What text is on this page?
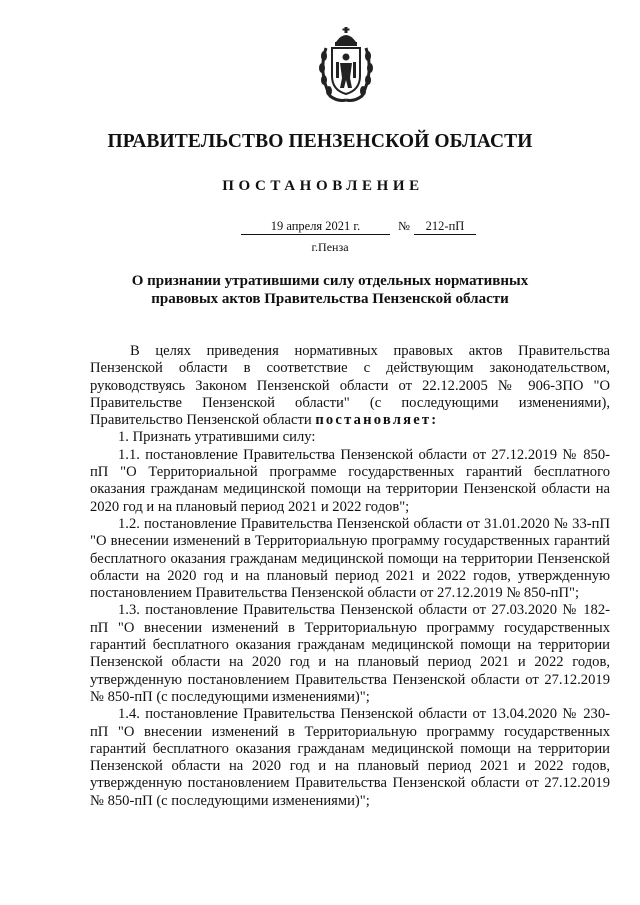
ПРАВИТЕЛЬСТВО ПЕНЗЕНСКОЙ ОБЛАСТИ
ПОСТАНОВЛЕНИЕ
19 апреля 2021 г.	№	212-пП
г.Пенза
О признании утратившими силу отдельных нормативных
правовых актов Правительства Пензенской области

В целях приведения нормативных правовых актов Правительства Пензенской области в соответствие с действующим законодательством, руководствуясь Законом Пензенской области от 22.12.2005 № 906-ЗПО "О Правительстве Пензенской области" (с последующими изменениями), Правительство Пензенской области постановляет:

1. Признать утратившими силу:

1.1. постановление Правительства Пензенской области от 27.12.2019 № 850-пП "О Территориальной программе государственных гарантий бесплатного оказания гражданам медицинской помощи на территории Пензенской области на 2020 год и на плановый период 2021 и 2022 годов";

1.2. постановление Правительства Пензенской области от 31.01.2020 № 33-пП "О внесении изменений в Территориальную программу государственных гарантий бесплатного оказания гражданам медицинской помощи на территории Пензенской области на 2020 год и на плановый период 2021 и 2022 годов, утвержденную постановлением Правительства Пензенской области от 27.12.2019 № 850-пП";

1.3. постановление Правительства Пензенской области от 27.03.2020 № 182-пП "О внесении изменений в Территориальную программу государственных гарантий бесплатного оказания гражданам медицинской помощи на территории Пензенской области на 2020 год и на плановый период 2021 и 2022 годов, утвержденную постановлением Правительства Пензенской области от 27.12.2019 № 850-пП (с последующими изменениями)";

1.4. постановление Правительства Пензенской области от 13.04.2020 № 230-пП "О внесении изменений в Территориальную программу государственных гарантий бесплатного оказания гражданам медицинской помощи на территории Пензенской области на 2020 год и на плановый период 2021 и 2022 годов, утвержденную постановлением Правительства Пензенской области от 27.12.2019 № 850-пП (с последующими изменениями)";
